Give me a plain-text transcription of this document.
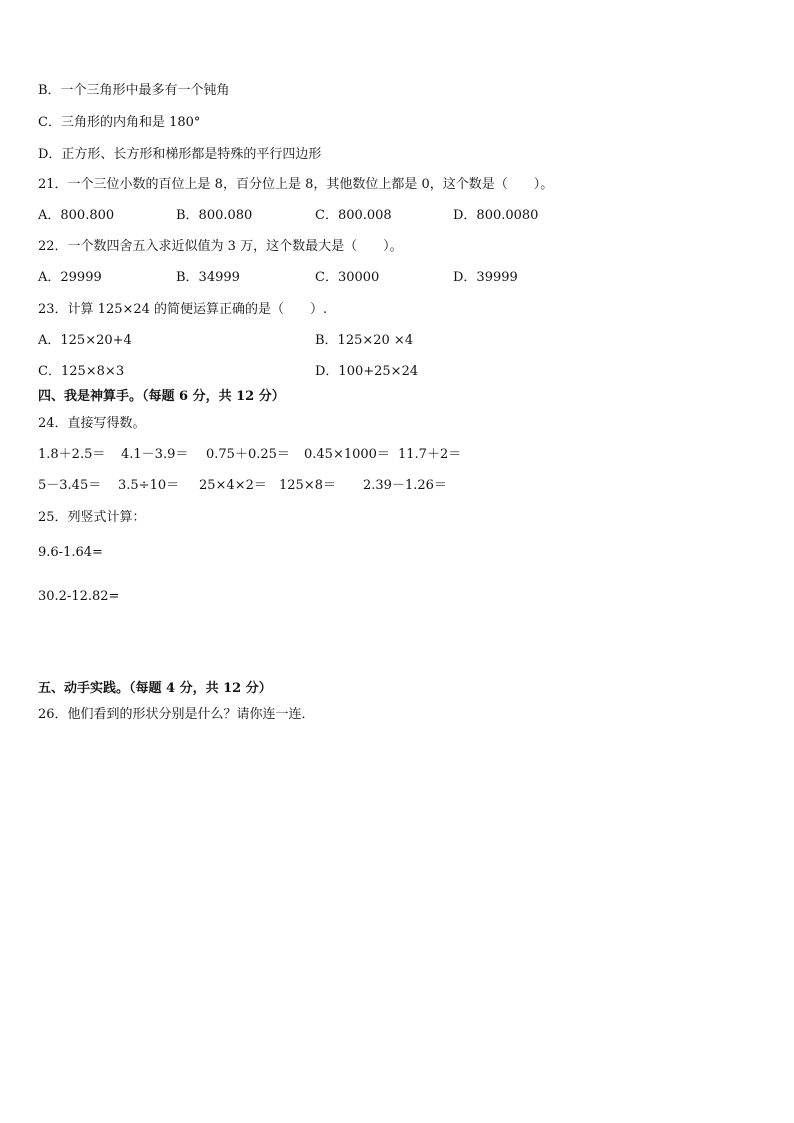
B．一个三角形中最多有一个钝角
C．三角形的内角和是 180°
D．正方形、长方形和梯形都是特殊的平行四边形
21．一个三位小数的百位上是 8，百分位上是 8，其他数位上都是 0，这个数是（　　）。
A．800.800	B．800.080	C．800.008	D．800.0080
22．一个数四舍五入求近似值为 3 万，这个数最大是（　　）。
A．29999	B．34999	C．30000	D．39999
23．计算 125×24 的简便运算正确的是（　　）.
A．125×20+4	B．125×20 ×4
C．125×8×3	D．100+25×24
四、我是神算手。（每题 6 分，共 12 分）
24．直接写得数。
1.8＋2.5＝ 4.1－3.9＝ 0.75＋0.25＝ 0.45×1000＝ 11.7＋2＝
5－3.45＝ 3.5÷10＝ 25×4×2＝ 125×8＝ 2.39－1.26＝
25．列竖式计算：
9.6-1.64=
30.2-12.82=
五、动手实践。（每题 4 分，共 12 分）
26．他们看到的形状分别是什么？请你连一连．
